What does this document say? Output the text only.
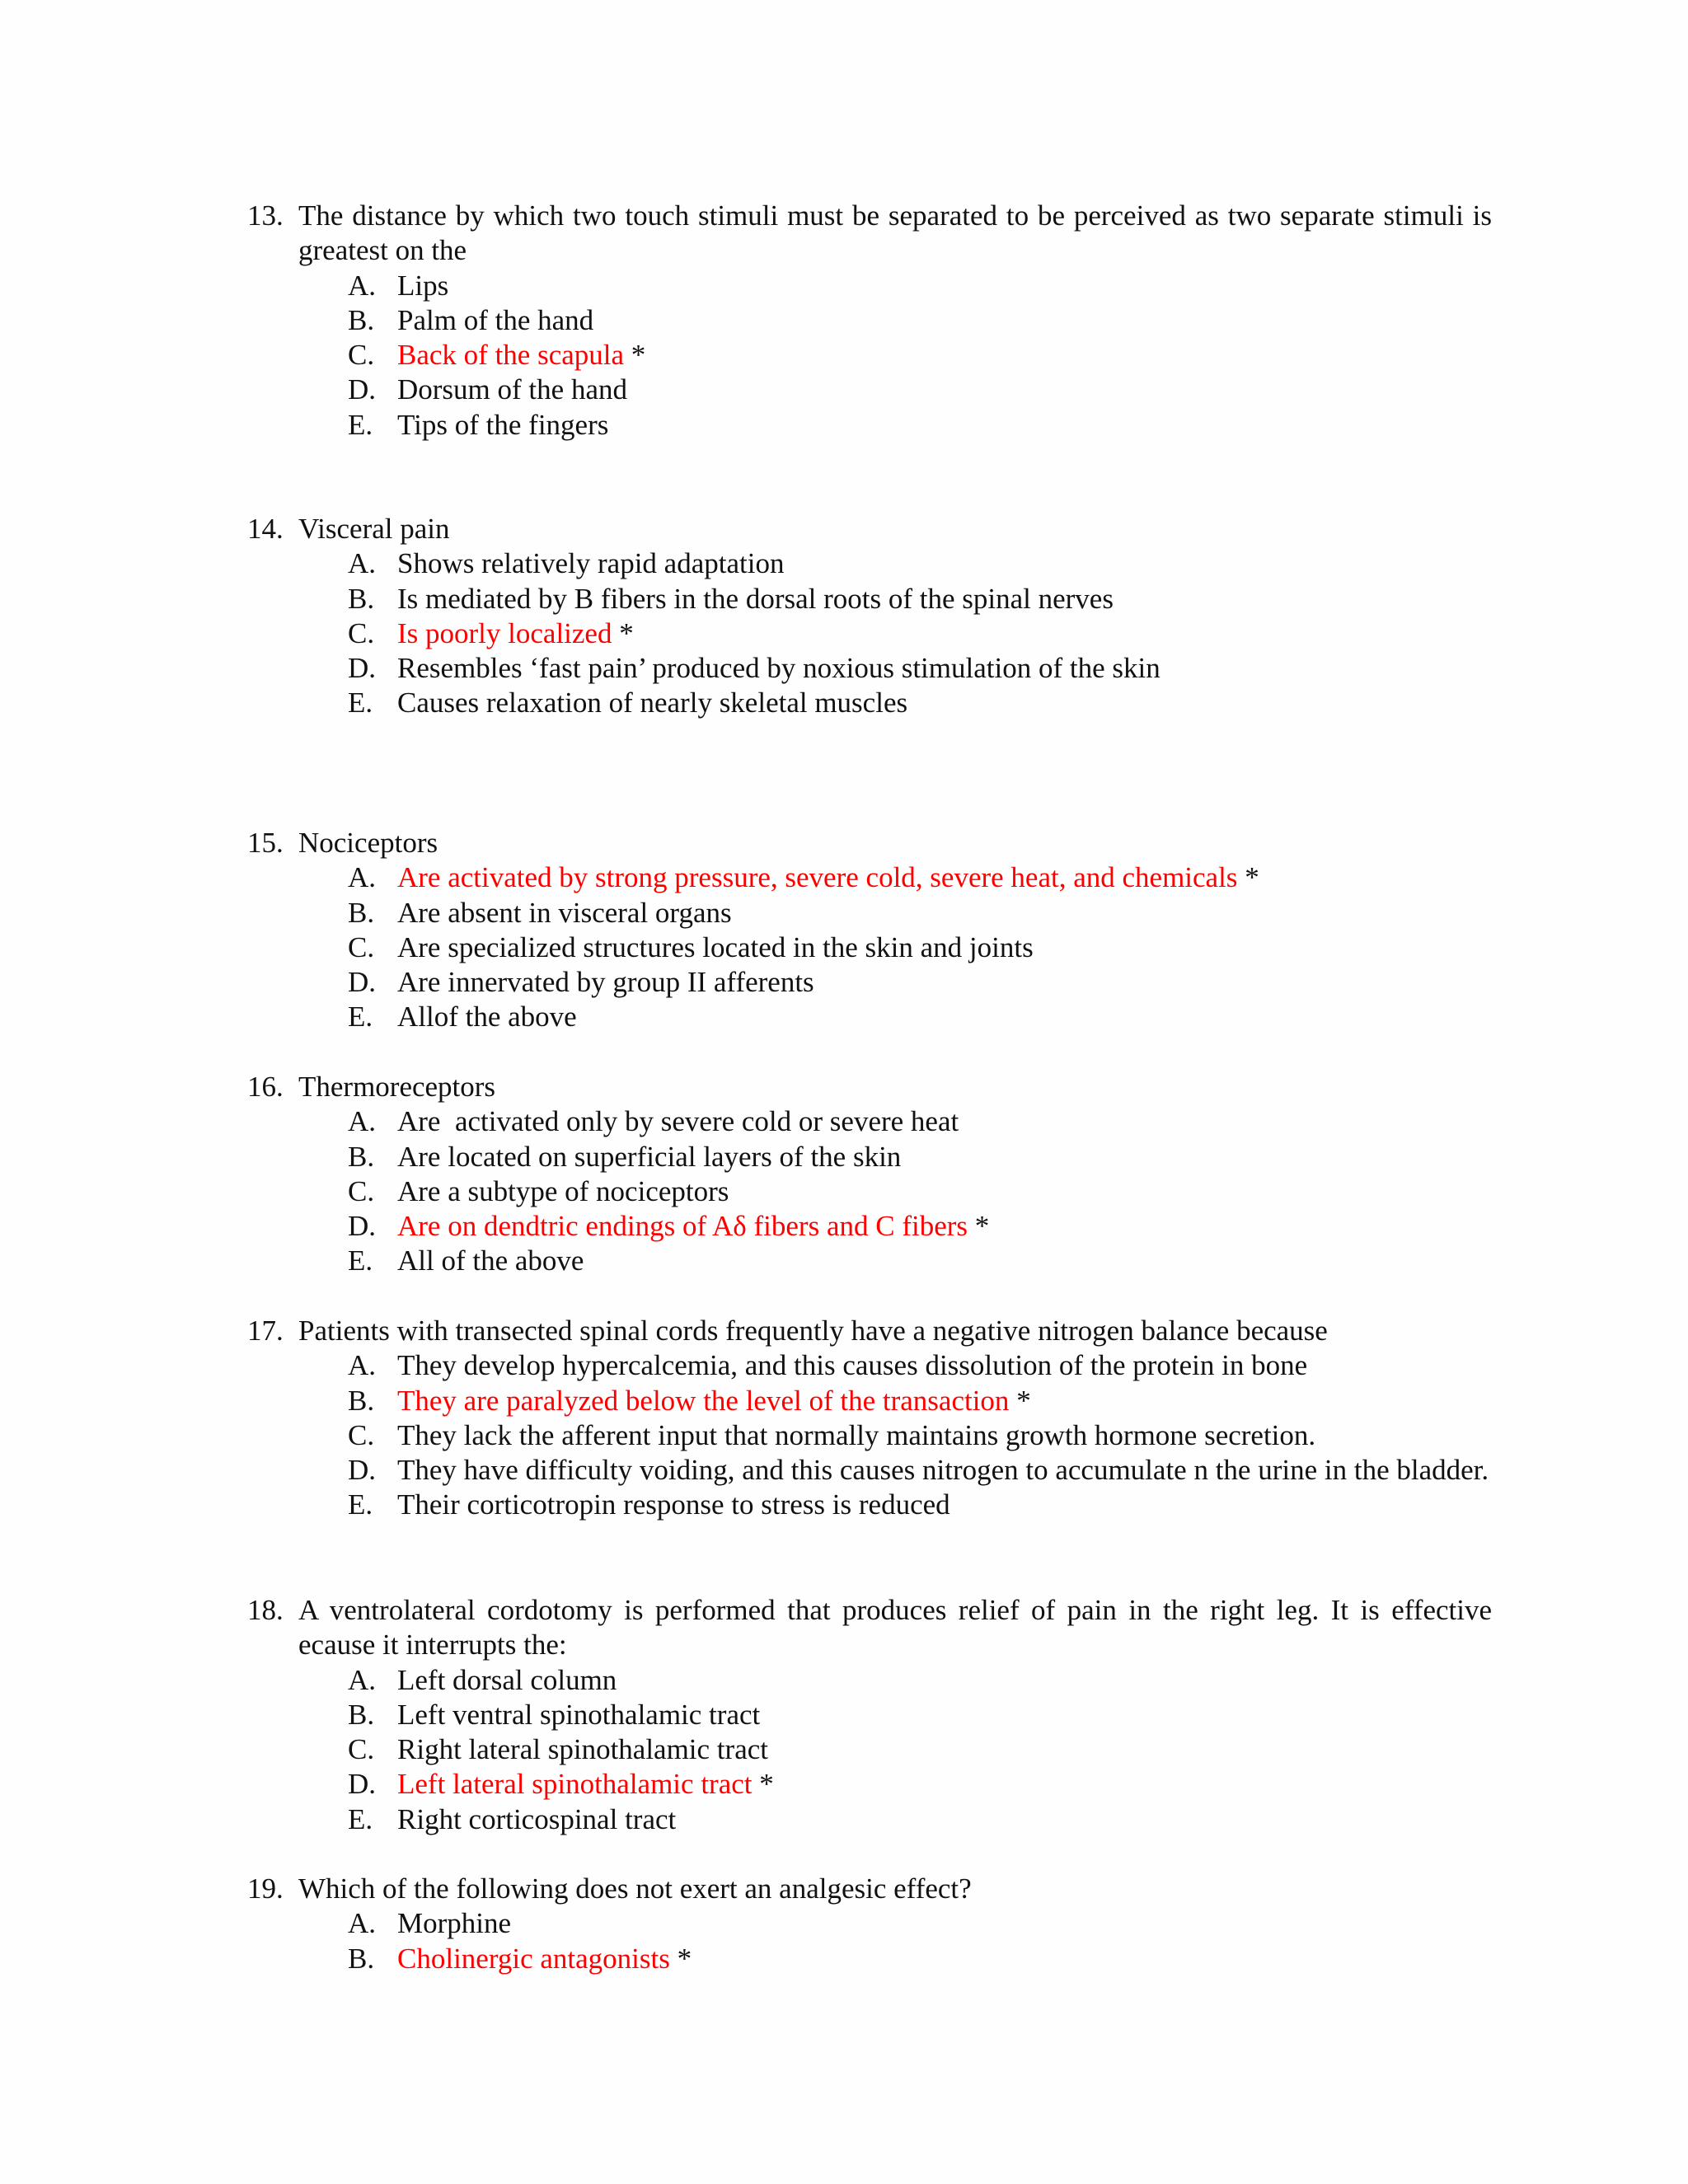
13. The distance by which two touch stimuli must be separated to be perceived as two separate stimuli is greatest on the
A. Lips
B. Palm of the hand
C. Back of the scapula *
D. Dorsum of the hand
E. Tips of the fingers
14. Visceral pain
A. Shows relatively rapid adaptation
B. Is mediated by B fibers in the dorsal roots of the spinal nerves
C. Is poorly localized *
D. Resembles ‘fast pain’ produced by noxious stimulation of the skin
E. Causes relaxation of nearly skeletal muscles
15. Nociceptors
A. Are activated by strong pressure, severe cold, severe heat, and chemicals *
B. Are absent in visceral organs
C. Are specialized structures located in the skin and joints
D. Are innervated by group II afferents
E. Allof the above
16. Thermoreceptors
A. Are  activated only by severe cold or severe heat
B. Are located on superficial layers of the skin
C. Are a subtype of nociceptors
D. Are on dendtric endings of Aδ fibers and C fibers *
E. All of the above
17. Patients with transected spinal cords frequently have a negative nitrogen balance because
A. They develop hypercalcemia, and this causes dissolution of the protein in bone
B. They are paralyzed below the level of the transaction *
C. They lack the afferent input that normally maintains growth hormone secretion.
D. They have difficulty voiding, and this causes nitrogen to accumulate n the urine in the bladder.
E. Their corticotropin response to stress is reduced
18. A ventrolateral cordotomy is performed that produces relief of pain in the right leg. It is effective ecause it interrupts the:
A. Left dorsal column
B. Left ventral spinothalamic tract
C. Right lateral spinothalamic tract
D. Left lateral spinothalamic tract *
E. Right corticospinal tract
19. Which of the following does not exert an analgesic effect?
A. Morphine
B. Cholinergic antagonists *
